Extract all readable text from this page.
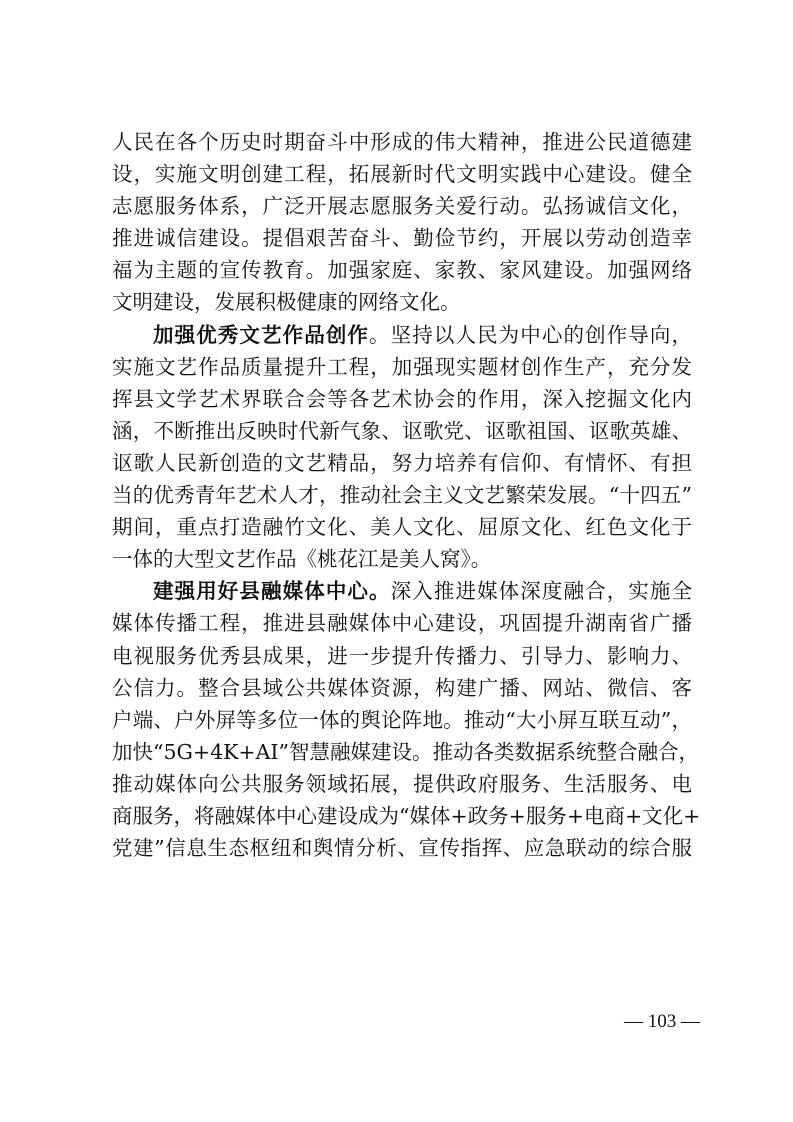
人民在各个历史时期奋斗中形成的伟大精神，推进公民道德建
设，实施文明创建工程，拓展新时代文明实践中心建设。健全
志愿服务体系，广泛开展志愿服务关爱行动。弘扬诚信文化，
推进诚信建设。提倡艰苦奋斗、勤俭节约，开展以劳动创造幸
福为主题的宣传教育。加强家庭、家教、家风建设。加强网络
文明建设，发展积极健康的网络文化。
加强优秀文艺作品创作。坚持以人民为中心的创作导向，
实施文艺作品质量提升工程，加强现实题材创作生产，充分发
挥县文学艺术界联合会等各艺术协会的作用，深入挖掘文化内
涵，不断推出反映时代新气象、讴歌党、讴歌祖国、讴歌英雄、
讴歌人民新创造的文艺精品，努力培养有信仰、有情怀、有担
当的优秀青年艺术人才，推动社会主义文艺繁荣发展。“十四五”
期间，重点打造融竹文化、美人文化、屈原文化、红色文化于
一体的大型文艺作品《桃花江是美人窝》。
建强用好县融媒体中心。深入推进媒体深度融合，实施全
媒体传播工程，推进县融媒体中心建设，巩固提升湖南省广播
电视服务优秀县成果，进一步提升传播力、引导力、影响力、
公信力。整合县域公共媒体资源，构建广播、网站、微信、客
户端、户外屏等多位一体的舆论阵地。推动“大小屏互联互动”，
加快“5G+4K+AI”智慧融媒建设。推动各类数据系统整合融合，
推动媒体向公共服务领域拓展，提供政府服务、生活服务、电
商服务，将融媒体中心建设成为“媒体+政务+服务+电商+文化+
党建”信息生态枢纽和舆情分析、宣传指挥、应急联动的综合服
— 103 —
